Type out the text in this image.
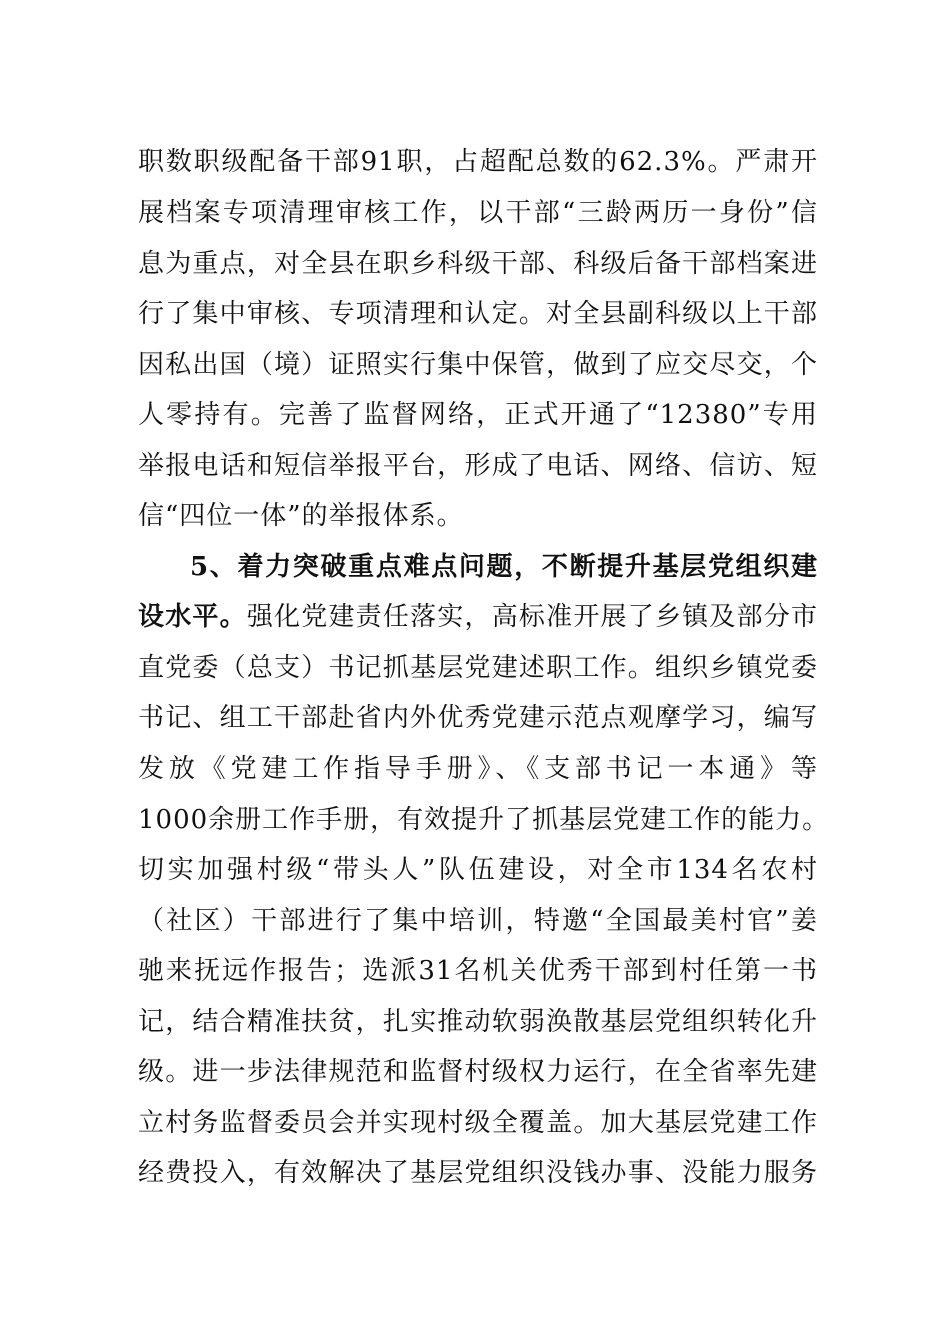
职数职级配备干部91职，占超配总数的62.3%。严肃开
展档案专项清理审核工作，以干部“三龄两历一身份”信
息为重点，对全县在职乡科级干部、科级后备干部档案进
行了集中审核、专项清理和认定。对全县副科级以上干部
因私出国（境）证照实行集中保管，做到了应交尽交，个
人零持有。完善了监督网络，正式开通了“12380”专用
举报电话和短信举报平台，形成了电话、网络、信访、短
信“四位一体”的举报体系。
5、着力突破重点难点问题，不断提升基层党组织建
设水平。强化党建责任落实，高标准开展了乡镇及部分市
直党委（总支）书记抓基层党建述职工作。组织乡镇党委
书记、组工干部赴省内外优秀党建示范点观摩学习，编写
发放《党建工作指导手册》、《支部书记一本通》等
1000余册工作手册，有效提升了抓基层党建工作的能力。
切实加强村级“带头人”队伍建设，对全市134名农村
（社区）干部进行了集中培训，特邀“全国最美村官”姜
驰来抚远作报告；选派31名机关优秀干部到村任第一书
记，结合精准扶贫，扎实推动软弱涣散基层党组织转化升
级。进一步法律规范和监督村级权力运行，在全省率先建
立村务监督委员会并实现村级全覆盖。加大基层党建工作
经费投入，有效解决了基层党组织没钱办事、没能力服务
